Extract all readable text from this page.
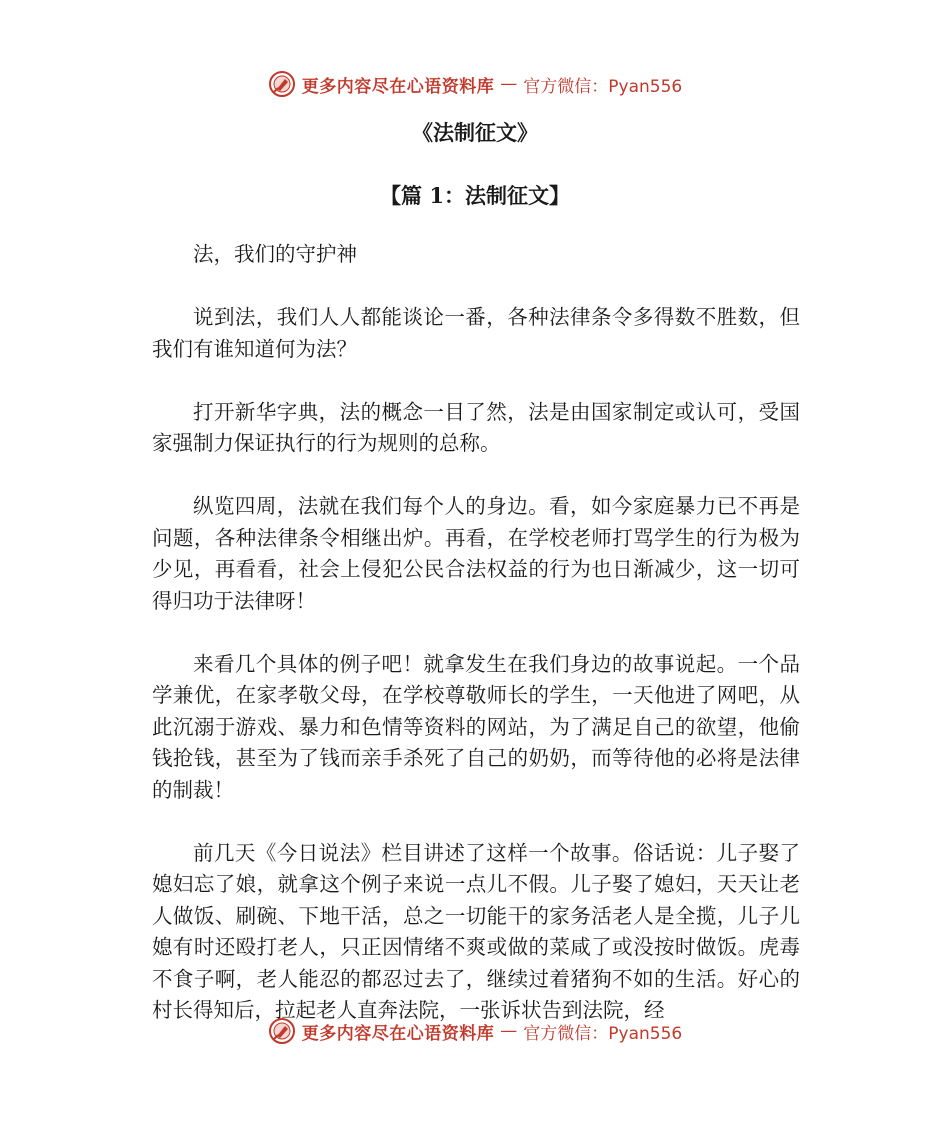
更多内容尽在心语资料库 — 官方微信：Pyan556
《法制征文》
【篇 1：法制征文】

法，我们的守护神

说到法，我们人人都能谈论一番，各种法律条令多得数不胜数，但我们有谁知道何为法？

打开新华字典，法的概念一目了然，法是由国家制定或认可，受国家强制力保证执行的行为规则的总称。

纵览四周，法就在我们每个人的身边。看，如今家庭暴力已不再是问题，各种法律条令相继出炉。再看，在学校老师打骂学生的行为极为少见，再看看，社会上侵犯公民合法权益的行为也日渐减少，这一切可得归功于法律呀！

来看几个具体的例子吧！就拿发生在我们身边的故事说起。一个品学兼优，在家孝敬父母，在学校尊敬师长的学生，一天他进了网吧，从此沉溺于游戏、暴力和色情等资料的网站，为了满足自己的欲望，他偷钱抢钱，甚至为了钱而亲手杀死了自己的奶奶，而等待他的必将是法律的制裁！

前几天《今日说法》栏目讲述了这样一个故事。俗话说：儿子娶了媳妇忘了娘，就拿这个例子来说一点儿不假。儿子娶了媳妇，天天让老人做饭、刷碗、下地干活，总之一切能干的家务活老人是全揽，儿子儿媳有时还殴打老人，只正因情绪不爽或做的菜咸了或没按时做饭。虎毒不食子啊，老人能忍的都忍过去了，继续过着猪狗不如的生活。好心的村长得知后，拉起老人直奔法院，一张诉状告到法院，经

更多内容尽在心语资料库 — 官方微信：Pyan556
